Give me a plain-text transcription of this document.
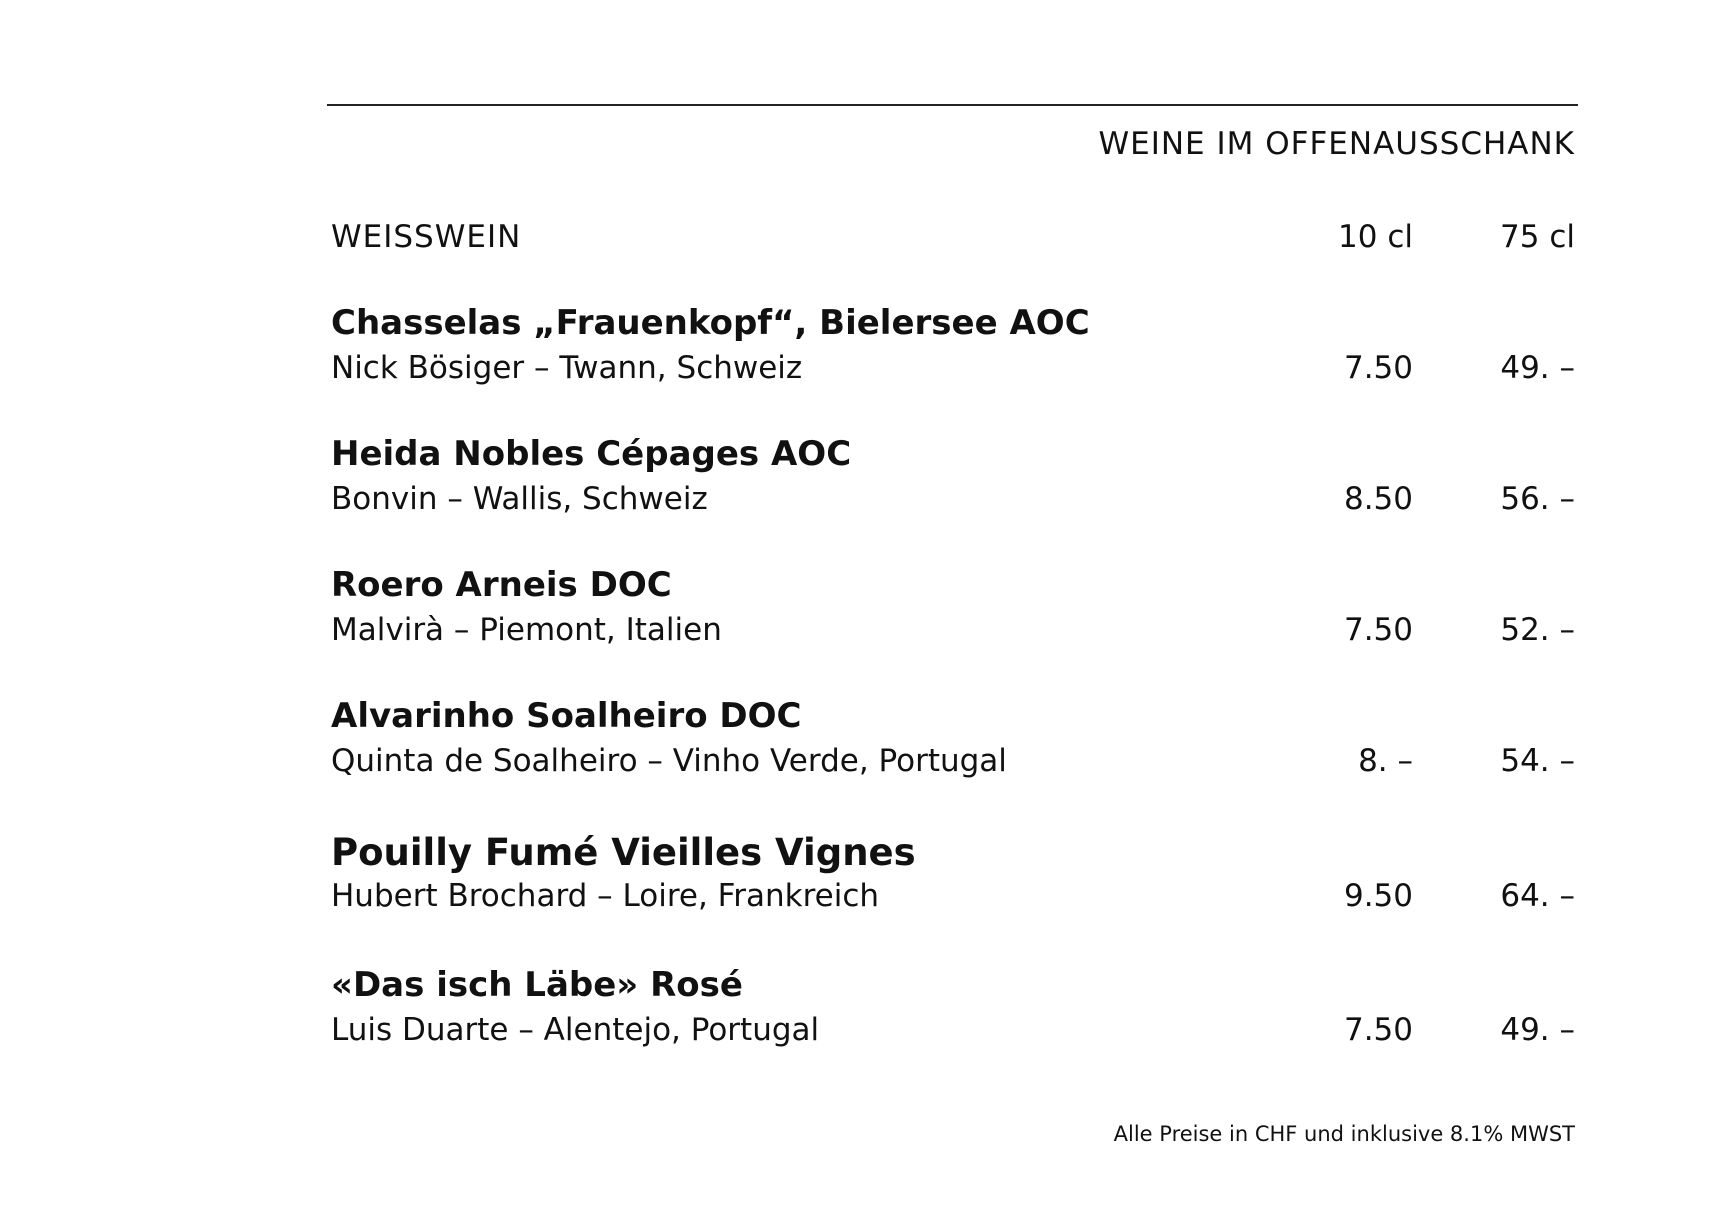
WEINE IM OFFENAUSSCHANK
WEISSWEIN	10 cl	75 cl
Chasselas „Frauenkopf“, Bielersee AOC
Nick Bösiger – Twann, Schweiz	7.50	49. –
Heida Nobles Cépages AOC
Bonvin – Wallis, Schweiz	8.50	56. –
Roero Arneis DOC
Malvirà – Piemont, Italien	7.50	52. –
Alvarinho Soalheiro DOC
Quinta de Soalheiro – Vinho Verde, Portugal	8. –	54. –
Pouilly Fumé Vieilles Vignes
Hubert Brochard – Loire, Frankreich	9.50	64. –
«Das isch Läbe» Rosé
Luis Duarte – Alentejo, Portugal	7.50	49. –
Alle Preise in CHF und inklusive 8.1% MWST
